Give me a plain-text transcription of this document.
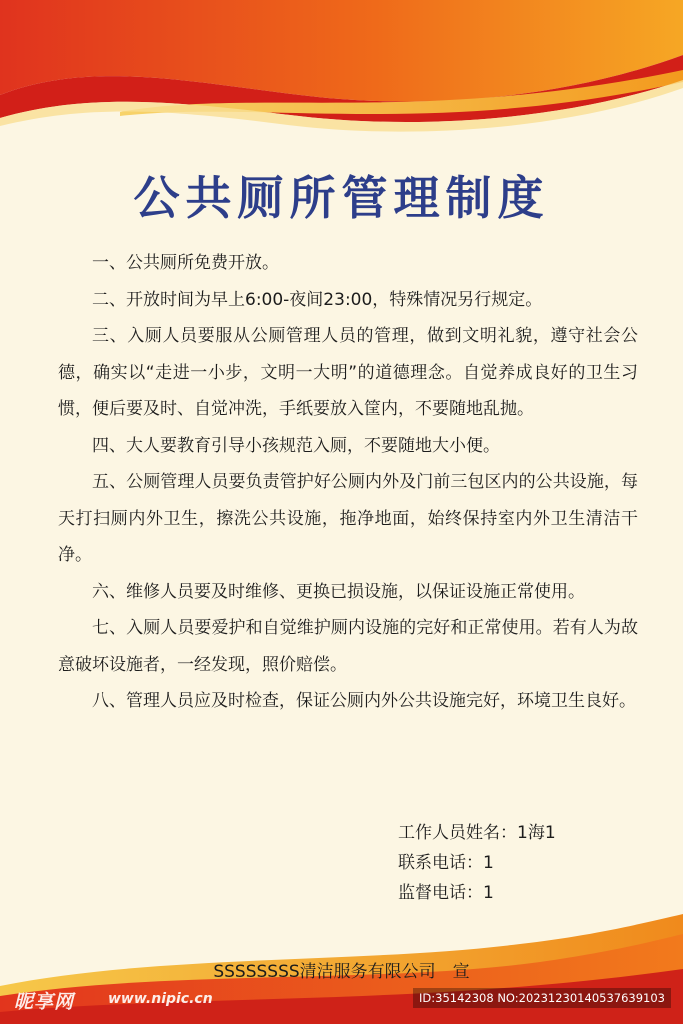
公共厕所管理制度

一、公共厕所免费开放。

二、开放时间为早上6:00-夜间23:00，特殊情况另行规定。

三、入厕人员要服从公厕管理人员的管理，做到文明礼貌，遵守社会公德，确实以“走进一小步，文明一大明”的道德理念。自觉养成良好的卫生习惯，便后要及时、自觉冲洗，手纸要放入筐内，不要随地乱抛。

四、大人要教育引导小孩规范入厕，不要随地大小便。

五、公厕管理人员要负责管护好公厕内外及门前三包区内的公共设施，每天打扫厕内外卫生，擦洗公共设施，拖净地面，始终保持室内外卫生清洁干净。

六、维修人员要及时维修、更换已损设施，以保证设施正常使用。

七、入厕人员要爱护和自觉维护厕内设施的完好和正常使用。若有人为故意破坏设施者，一经发现，照价赔偿。

八、管理人员应及时检查，保证公厕内外公共设施完好，环境卫生良好。

工作人员姓名：1海1
联系电话：1
监督电话：1
SSSSSSSS清洁服务有限公司　宣
昵享网 www.nipic.cn	ID:35142308 NO:20231230140537639103
